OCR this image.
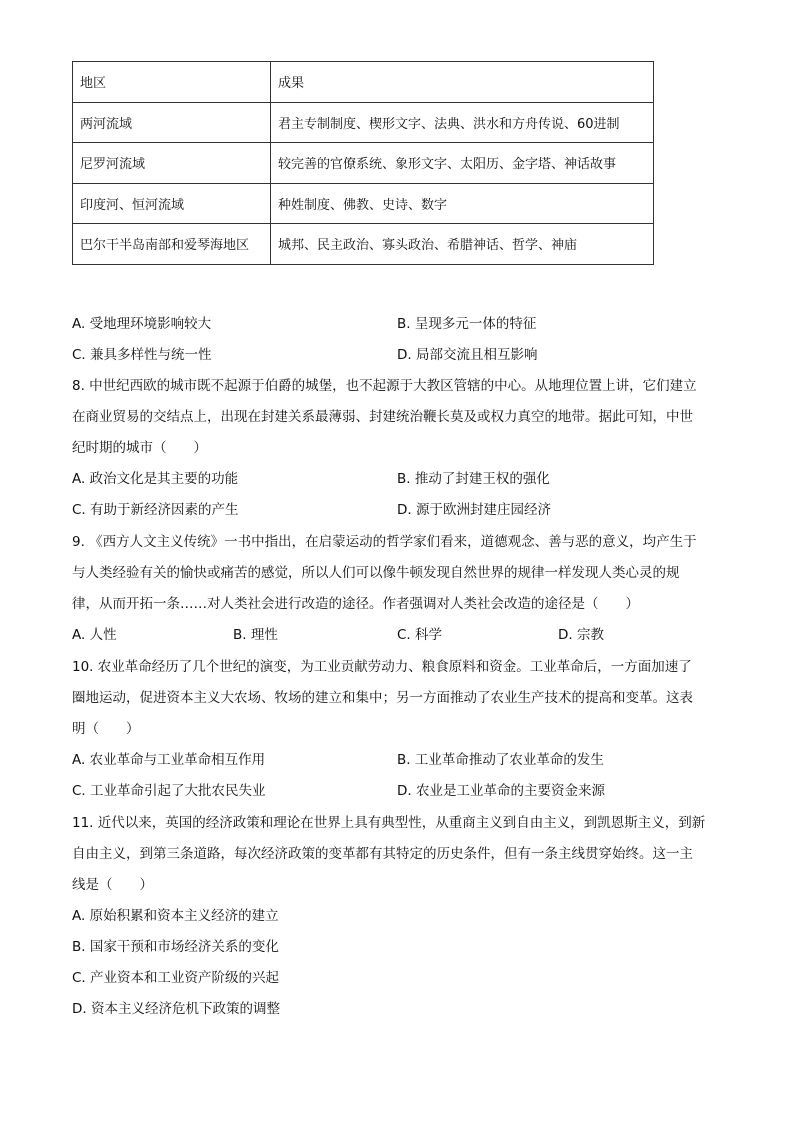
地区	成果
两河流域	君主专制制度、楔形文字、法典、洪水和方舟传说、60进制
尼罗河流域	较完善的官僚系统、象形文字、太阳历、金字塔、神话故事
印度河、恒河流域	种姓制度、佛教、史诗、数字
巴尔干半岛南部和爱琴海地区	城邦、民主政治、寡头政治、希腊神话、哲学、神庙
A. 受地理环境影响较大	B. 呈现多元一体的特征
C. 兼具多样性与统一性	D. 局部交流且相互影响
8. 中世纪西欧的城市既不起源于伯爵的城堡，也不起源于大教区管辖的中心。从地理位置上讲，它们建立
在商业贸易的交结点上，出现在封建关系最薄弱、封建统治鞭长莫及或权力真空的地带。据此可知，中世
纪时期的城市（　　）
A. 政治文化是其主要的功能	B. 推动了封建王权的强化
C. 有助于新经济因素的产生	D. 源于欧洲封建庄园经济
9. 《西方人文主义传统》一书中指出，在启蒙运动的哲学家们看来，道德观念、善与恶的意义，均产生于
与人类经验有关的愉快或痛苦的感觉，所以人们可以像牛顿发现自然世界的规律一样发现人类心灵的规
律，从而开拓一条……对人类社会进行改造的途径。作者强调对人类社会改造的途径是（　　）
A. 人性	B. 理性	C. 科学	D. 宗教
10. 农业革命经历了几个世纪的演变，为工业贡献劳动力、粮食原料和资金。工业革命后，一方面加速了
圈地运动，促进资本主义大农场、牧场的建立和集中；另一方面推动了农业生产技术的提高和变革。这表
明（　　）
A. 农业革命与工业革命相互作用	B. 工业革命推动了农业革命的发生
C. 工业革命引起了大批农民失业	D. 农业是工业革命的主要资金来源
11. 近代以来，英国的经济政策和理论在世界上具有典型性，从重商主义到自由主义，到凯恩斯主义，到新
自由主义，到第三条道路，每次经济政策的变革都有其特定的历史条件，但有一条主线贯穿始终。这一主
线是（　　）
A. 原始积累和资本主义经济的建立
B. 国家干预和市场经济关系的变化
C. 产业资本和工业资产阶级的兴起
D. 资本主义经济危机下政策的调整
